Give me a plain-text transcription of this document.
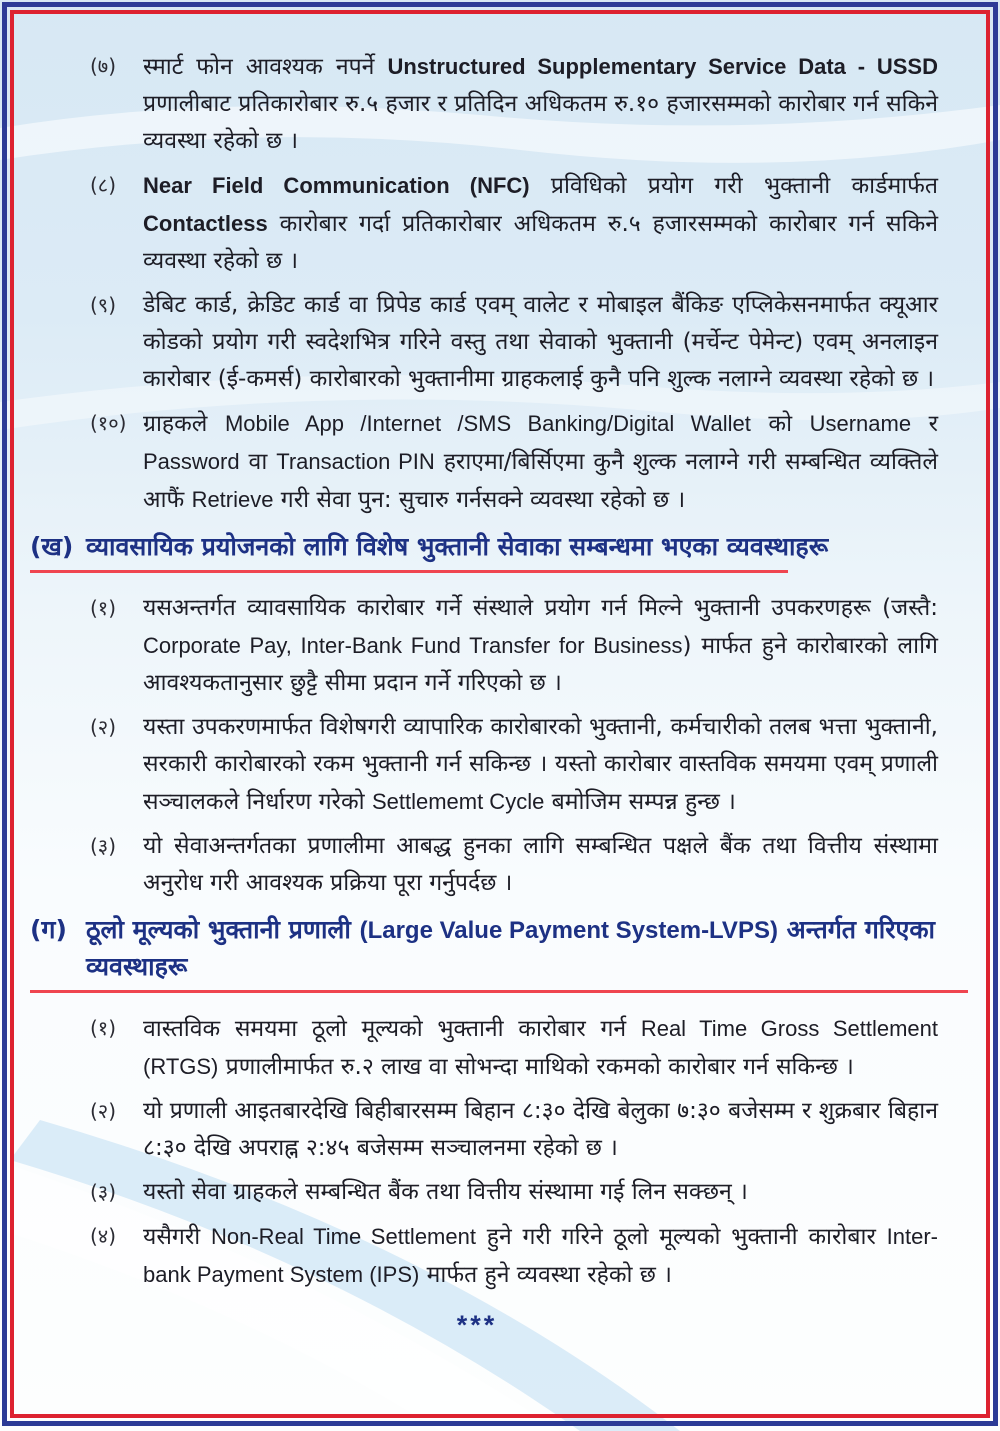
(७)	स्मार्ट फोन आवश्यक नपर्ने Unstructured Supplementary Service Data - USSD प्रणालीबाट प्रतिकारोबार रु.५ हजार र प्रतिदिन अधिकतम रु.१० हजारसम्मको कारोबार गर्न सकिने व्यवस्था रहेको छ ।
(८)	Near Field Communication (NFC) प्रविधिको प्रयोग गरी भुक्तानी कार्डमार्फत Contactless कारोबार गर्दा प्रतिकारोबार अधिकतम रु.५ हजारसम्मको कारोबार गर्न सकिने व्यवस्था रहेको छ ।
(९)	डेबिट कार्ड, क्रेडिट कार्ड वा प्रिपेड कार्ड एवम् वालेट र मोबाइल बैंकिङ एप्लिकेसनमार्फत क्यूआर कोडको प्रयोग गरी स्वदेशभित्र गरिने वस्तु तथा सेवाको भुक्तानी (मर्चेन्ट पेमेन्ट) एवम् अनलाइन कारोबार (ई-कमर्स) कारोबारको भुक्तानीमा ग्राहकलाई कुनै पनि शुल्क नलाग्ने व्यवस्था रहेको छ ।
(१०) ग्राहकले Mobile App /Internet /SMS Banking/Digital Wallet को Username र Password वा Transaction PIN हराएमा/बिर्सिएमा कुनै शुल्क नलाग्ने गरी सम्बन्धित व्यक्तिले आफैं Retrieve गरी सेवा पुन: सुचारु गर्नसक्ने व्यवस्था रहेको छ ।
(ख) व्यावसायिक प्रयोजनको लागि विशेष भुक्तानी सेवाका सम्बन्धमा भएका व्यवस्थाहरू
(१)	यसअन्तर्गत व्यावसायिक कारोबार गर्ने संस्थाले प्रयोग गर्न मिल्ने भुक्तानी उपकरणहरू (जस्तै: Corporate Pay, Inter-Bank Fund Transfer for Business) मार्फत हुने कारोबारको लागि आवश्यकतानुसार छुट्टै सीमा प्रदान गर्ने गरिएको छ ।
(२)	यस्ता उपकरणमार्फत विशेषगरी व्यापारिक कारोबारको भुक्तानी, कर्मचारीको तलब भत्ता भुक्तानी, सरकारी कारोबारको रकम भुक्तानी गर्न सकिन्छ । यस्तो कारोबार वास्तविक समयमा एवम् प्रणाली सञ्चालकले निर्धारण गरेको Settlememt Cycle बमोजिम सम्पन्न हुन्छ ।
(३)	यो सेवाअन्तर्गतका प्रणालीमा आबद्ध हुनका लागि सम्बन्धित पक्षले बैंक तथा वित्तीय संस्थामा अनुरोध गरी आवश्यक प्रक्रिया पूरा गर्नुपर्दछ ।
(ग) ठूलो मूल्यको भुक्तानी प्रणाली (Large Value Payment System-LVPS) अन्तर्गत गरिएका व्यवस्थाहरू
(१)	वास्तविक समयमा ठूलो मूल्यको भुक्तानी कारोबार गर्न Real Time Gross Settlement (RTGS) प्रणालीमार्फत रु.२ लाख वा सोभन्दा माथिको रकमको कारोबार गर्न सकिन्छ ।
(२)	यो प्रणाली आइतबारदेखि बिहीबारसम्म बिहान ८:३० देखि बेलुका ७:३० बजेसम्म र शुक्रबार बिहान ८:३० देखि अपराह्न २:४५ बजेसम्म सञ्चालनमा रहेको छ ।
(३)	यस्तो सेवा ग्राहकले सम्बन्धित बैंक तथा वित्तीय संस्थामा गई लिन सक्छन् ।
(४)	यसैगरी Non-Real Time Settlement हुने गरी गरिने ठूलो मूल्यको भुक्तानी कारोबार Inter-bank Payment System (IPS) मार्फत हुने व्यवस्था रहेको छ ।
***
